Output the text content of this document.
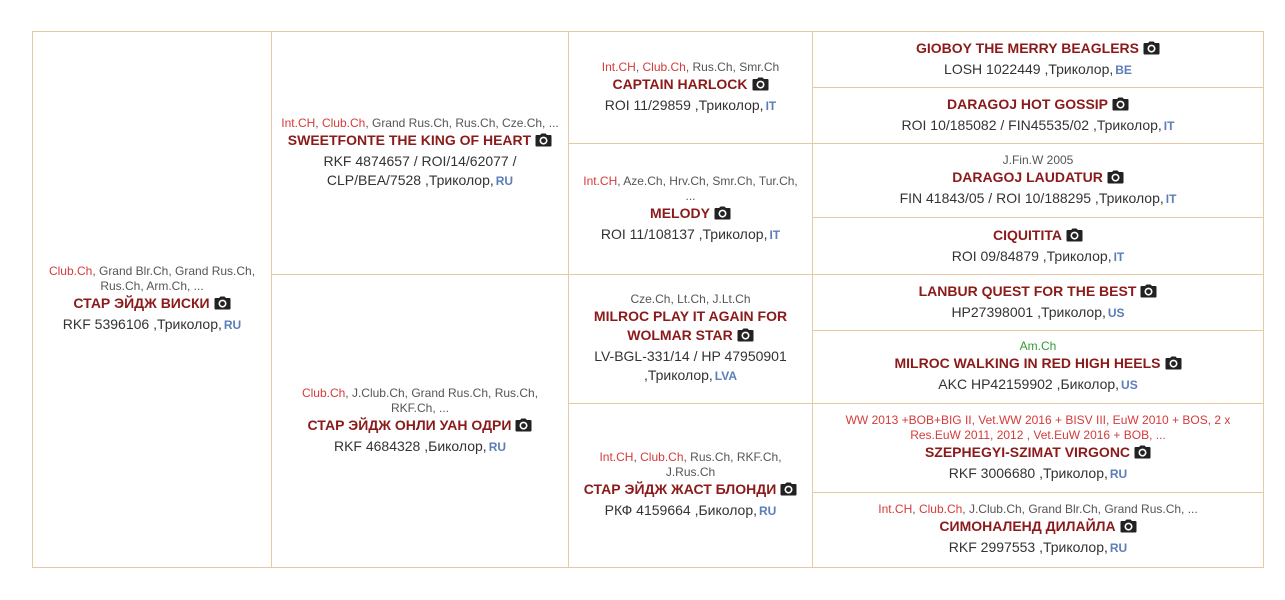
Club.Ch, Grand Blr.Ch, Grand Rus.Ch, Rus.Ch, Arm.Ch, ...
СТАР ЭЙДЖ ВИСКИ
RKF 5396106 ,Триколор, RU
Int.CH, Club.Ch, Grand Rus.Ch, Rus.Ch, Cze.Ch, ...
SWEETFONTE THE KING OF HEART
RKF 4874657 / ROI/14/62077 / CLP/BEA/7528 ,Триколор, RU
Club.Ch, J.Club.Ch, Grand Rus.Ch, Rus.Ch, RKF.Ch, ...
СТАР ЭЙДЖ ОНЛИ УАН ОДРИ
RKF 4684328 ,Биколор, RU
Int.CH, Club.Ch, Rus.Ch, Smr.Ch
CAPTAIN HARLOCK
ROI 11/29859 ,Триколор, IT
Int.CH, Aze.Ch, Hrv.Ch, Smr.Ch, Tur.Ch, ...
MELODY
ROI 11/108137 ,Триколор, IT
Cze.Ch, Lt.Ch, J.Lt.Ch
MILROC PLAY IT AGAIN FOR WOLMAR STAR
LV-BGL-331/14 / HP 47950901 ,Триколор, LVA
Int.CH, Club.Ch, Rus.Ch, RKF.Ch, J.Rus.Ch
СТАР ЭЙДЖ ЖАСТ БЛОНДИ
РКФ 4159664 ,Биколор, RU
GIOBOY THE MERRY BEAGLERS
LOSH 1022449 ,Триколор, BE
DARAGOJ HOT GOSSIP
ROI 10/185082 / FIN45535/02 ,Триколор, IT
J.Fin.W 2005
DARAGOJ LAUDATUR
FIN 41843/05 / ROI 10/188295 ,Триколор, IT
CIQUITITA
ROI 09/84879 ,Триколор, IT
LANBUR QUEST FOR THE BEST
HP27398001 ,Триколор, US
Am.Ch
MILROC WALKING IN RED HIGH HEELS
AKC HP42159902 ,Биколор, US
WW 2013 +BOB+BIG II, Vet.WW 2016 + BISV III, EuW 2010 + BOS, 2 x Res.EuW 2011, 2012 , Vet.EuW 2016 + BOB, ...
SZEPHEGYI-SZIMAT VIRGONC
RKF 3006680 ,Триколор, RU
Int.CH, Club.Ch, J.Club.Ch, Grand Blr.Ch, Grand Rus.Ch, ...
СИМОНАЛЕНД ДИЛАЙЛА
RKF 2997553 ,Триколор, RU
